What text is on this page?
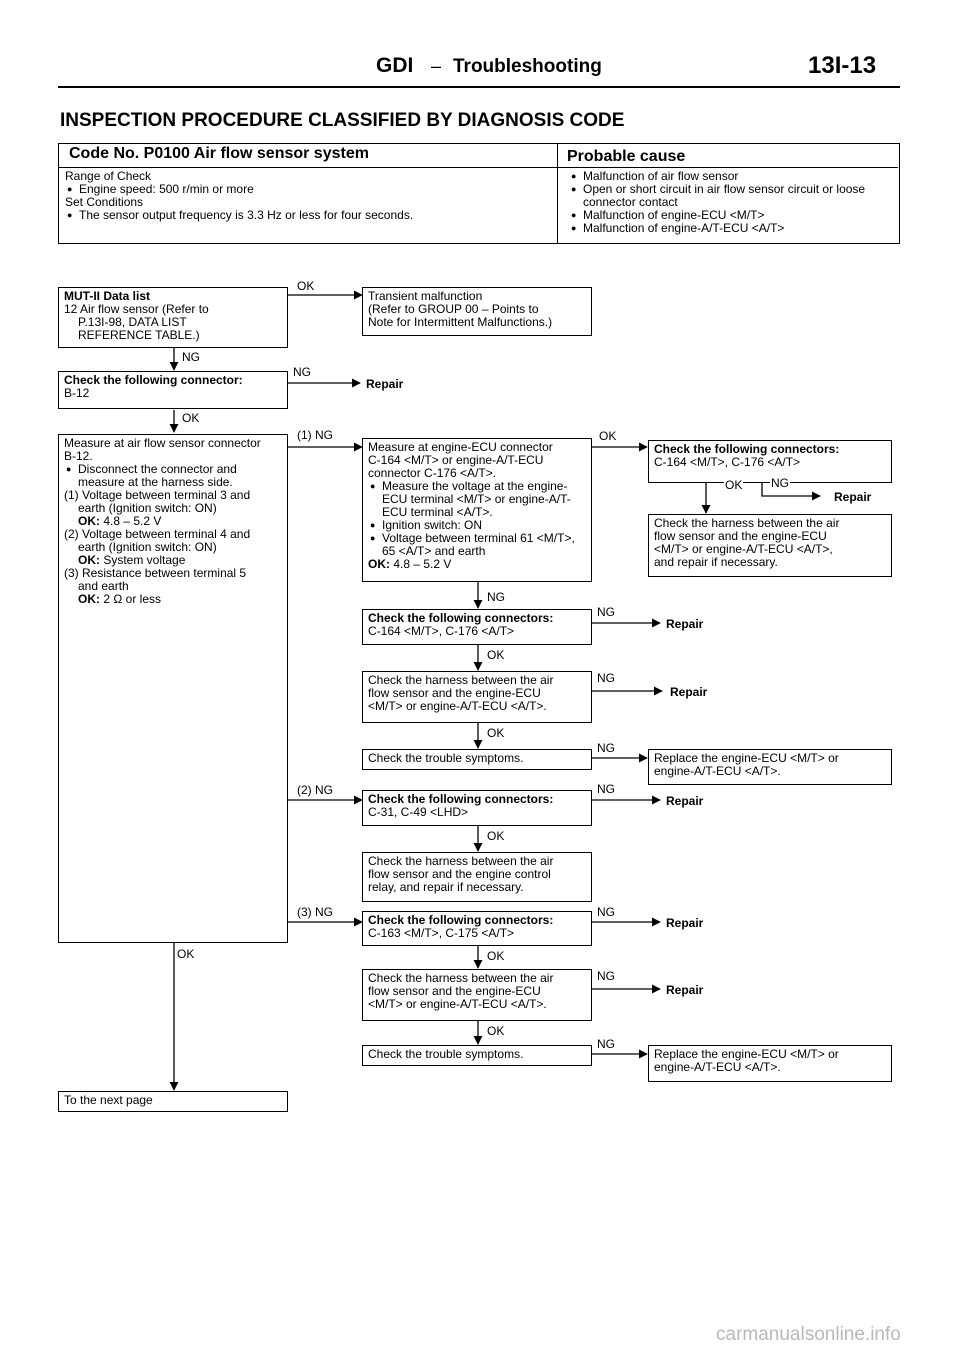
GDI – Troubleshooting	13I-13
INSPECTION PROCEDURE CLASSIFIED BY DIAGNOSIS CODE
Code No. P0100 Air flow sensor system	Probable cause
Range of Check
● Engine speed: 500 r/min or more
Set Conditions
● The sensor output frequency is 3.3 Hz or less for four seconds.
● Malfunction of air flow sensor
● Open or short circuit in air flow sensor circuit or loose connector contact
● Malfunction of engine-ECU <M/T>
● Malfunction of engine-A/T-ECU <A/T>
MUT-II Data list
12 Air flow sensor (Refer to
P.13I-98, DATA LIST
REFERENCE TABLE.)
Check the following connector:
B-12
Measure at air flow sensor connector
B-12.
● Disconnect the connector and measure at the harness side.
(1) Voltage between terminal 3 and
earth (Ignition switch: ON)
OK: 4.8 – 5.2 V
(2) Voltage between terminal 4 and
earth (Ignition switch: ON)
OK: System voltage
(3) Resistance between terminal 5
and earth
OK: 2 Ω or less
To the next page
Transient malfunction
(Refer to GROUP 00 – Points to
Note for Intermittent Malfunctions.)
Measure at engine-ECU connector
C-164 <M/T> or engine-A/T-ECU
connector C-176 <A/T>.
● Measure the voltage at the engine-ECU terminal <M/T> or engine-A/T-ECU terminal <A/T>.
● Ignition switch: ON
● Voltage between terminal 61 <M/T>, 65 <A/T> and earth
OK: 4.8 – 5.2 V
Check the following connectors:
C-164 <M/T>, C-176 <A/T>
Check the harness between the air
flow sensor and the engine-ECU
<M/T> or engine-A/T-ECU <A/T>.
Check the trouble symptoms.
Check the following connectors:
C-31, C-49 <LHD>
Check the harness between the air
flow sensor and the engine control
relay, and repair if necessary.
Check the following connectors:
C-163 <M/T>, C-175 <A/T>
Check the harness between the air
flow sensor and the engine-ECU
<M/T> or engine-A/T-ECU <A/T>.
Check the trouble symptoms.
Check the following connectors:
C-164 <M/T>, C-176 <A/T>
Check the harness between the air
flow sensor and the engine-ECU
<M/T> or engine-A/T-ECU <A/T>,
and repair if necessary.
Replace the engine-ECU <M/T> or
engine-A/T-ECU <A/T>.
Replace the engine-ECU <M/T> or
engine-A/T-ECU <A/T>.
OK
NG
NG
Repair
OK
(1) NG	OK
OK NG
Repair
NG
NG
Repair
OK
NG
Repair
OK
NG
(2) NG	NG
Repair
OK
(3) NG	NG
Repair
OK	OK
NG
Repair
OK
NG
carmanualsonline.info
